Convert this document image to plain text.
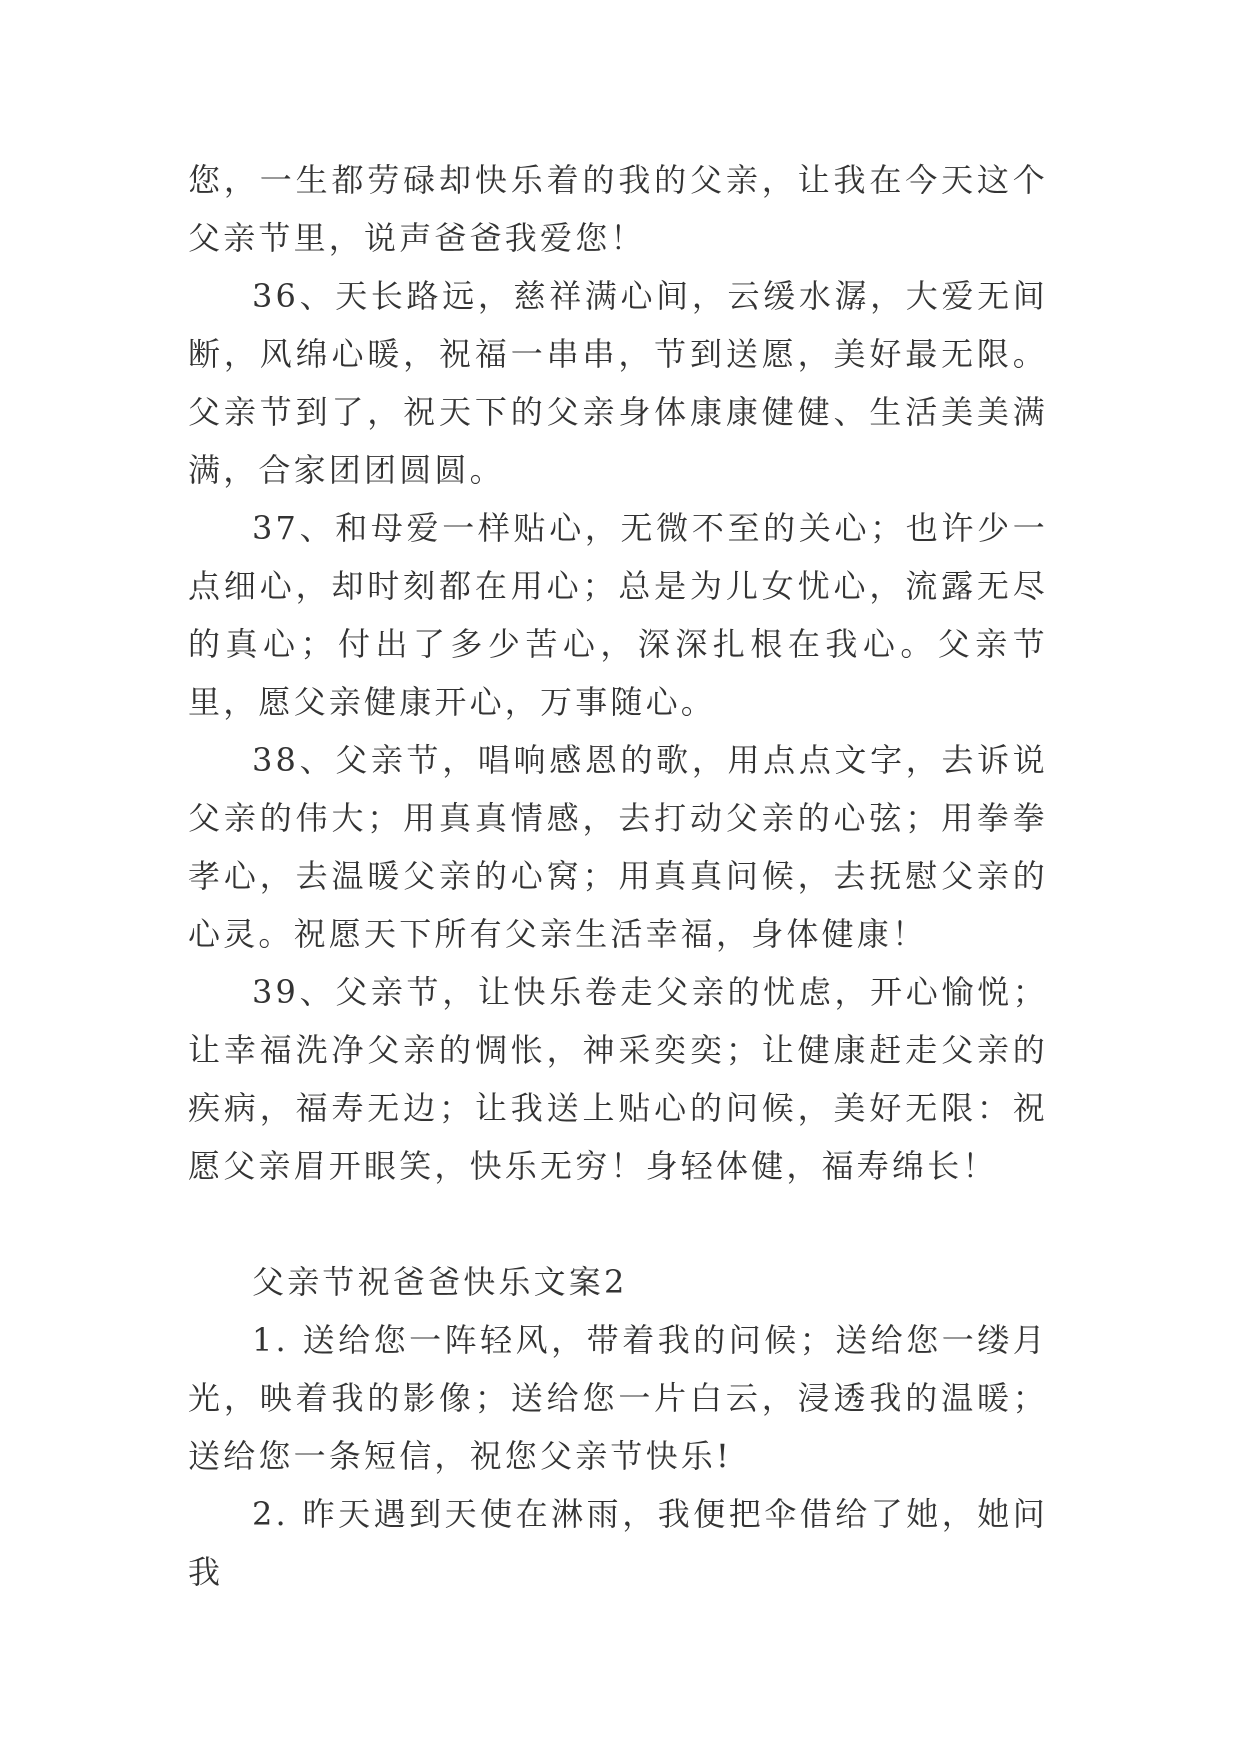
您，一生都劳碌却快乐着的我的父亲，让我在今天这个父亲节里，说声爸爸我爱您！

36、天长路远，慈祥满心间，云缓水潺，大爱无间断，风绵心暖，祝福一串串，节到送愿，美好最无限。父亲节到了，祝天下的父亲身体康康健健、生活美美满满，合家团团圆圆。

37、和母爱一样贴心，无微不至的关心；也许少一点细心，却时刻都在用心；总是为儿女忧心，流露无尽的真心；付出了多少苦心，深深扎根在我心。父亲节里，愿父亲健康开心，万事随心。

38、父亲节，唱响感恩的歌，用点点文字，去诉说父亲的伟大；用真真情感，去打动父亲的心弦；用拳拳孝心，去温暖父亲的心窝；用真真问候，去抚慰父亲的心灵。祝愿天下所有父亲生活幸福，身体健康！

39、父亲节，让快乐卷走父亲的忧虑，开心愉悦；让幸福洗净父亲的惆怅，神采奕奕；让健康赶走父亲的疾病，福寿无边；让我送上贴心的问候，美好无限：祝愿父亲眉开眼笑，快乐无穷！身轻体健，福寿绵长！

父亲节祝爸爸快乐文案2

1. 送给您一阵轻风，带着我的问候；送给您一缕月光，映着我的影像；送给您一片白云，浸透我的温暖；送给您一条短信，祝您父亲节快乐!

2. 昨天遇到天使在淋雨，我便把伞借给了她，她问我
